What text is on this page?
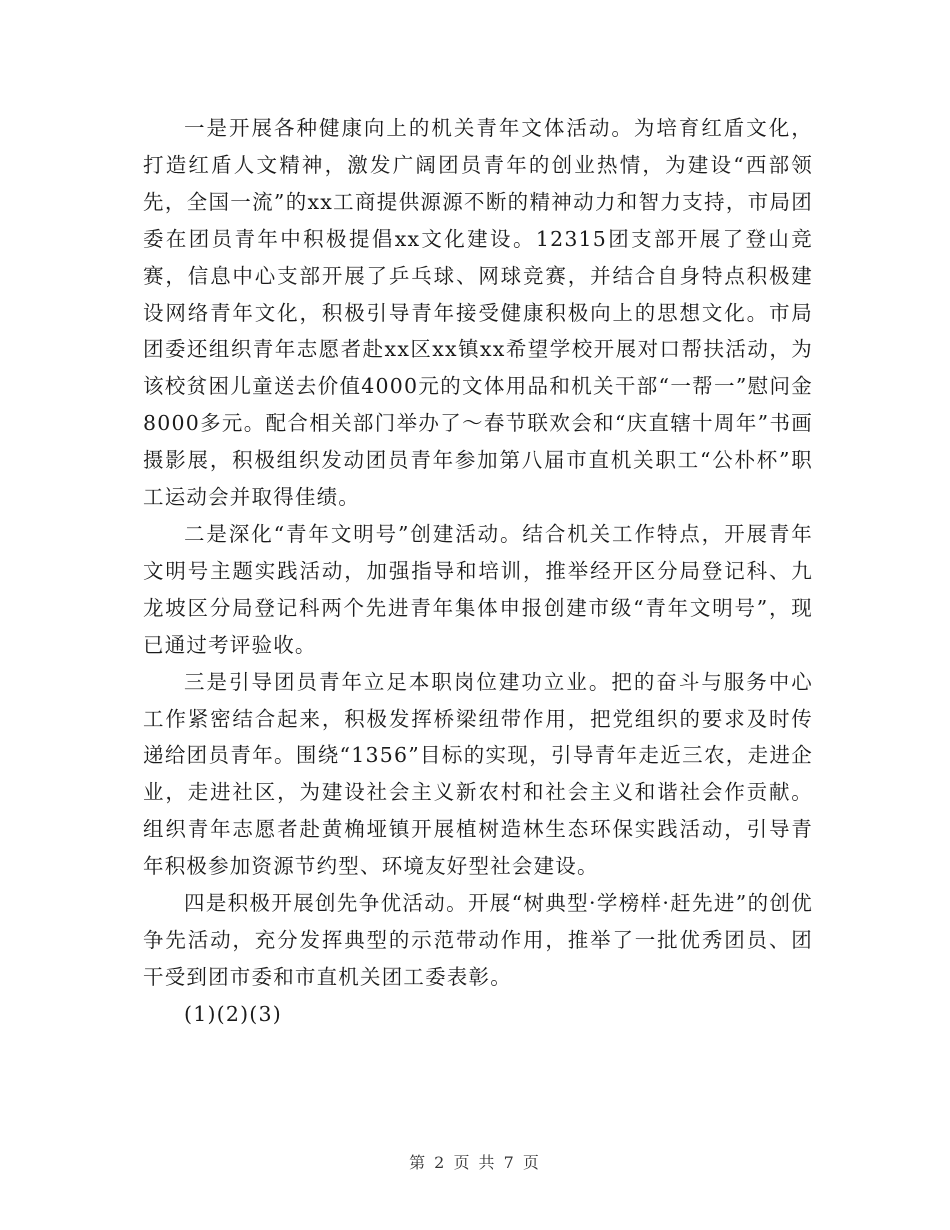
一是开展各种健康向上的机关青年文体活动。为培育红盾文化，打造红盾人文精神，激发广阔团员青年的创业热情，为建设“西部领先，全国一流”的xx工商提供源源不断的精神动力和智力支持，市局团委在团员青年中积极提倡xx文化建设。12315团支部开展了登山竞赛，信息中心支部开展了乒乓球、网球竞赛，并结合自身特点积极建设网络青年文化，积极引导青年接受健康积极向上的思想文化。市局团委还组织青年志愿者赴xx区xx镇xx希望学校开展对口帮扶活动，为该校贫困儿童送去价值4000元的文体用品和机关干部“一帮一”慰问金8000多元。配合相关部门举办了～春节联欢会和“庆直辖十周年”书画摄影展，积极组织发动团员青年参加第八届市直机关职工“公朴杯”职工运动会并取得佳绩。

二是深化“青年文明号”创建活动。结合机关工作特点，开展青年文明号主题实践活动，加强指导和培训，推举经开区分局登记科、九龙坡区分局登记科两个先进青年集体申报创建市级“青年文明号”，现已通过考评验收。

三是引导团员青年立足本职岗位建功立业。把的奋斗与服务中心工作紧密结合起来，积极发挥桥梁纽带作用，把党组织的要求及时传递给团员青年。围绕“1356”目标的实现，引导青年走近三农，走进企业，走进社区，为建设社会主义新农村和社会主义和谐社会作贡献。组织青年志愿者赴黄桷垭镇开展植树造林生态环保实践活动，引导青年积极参加资源节约型、环境友好型社会建设。

四是积极开展创先争优活动。开展“树典型·学榜样·赶先进”的创优争先活动，充分发挥典型的示范带动作用，推举了一批优秀团员、团干受到团市委和市直机关团工委表彰。

(1)(2)(3)

第 2 页 共 7 页
